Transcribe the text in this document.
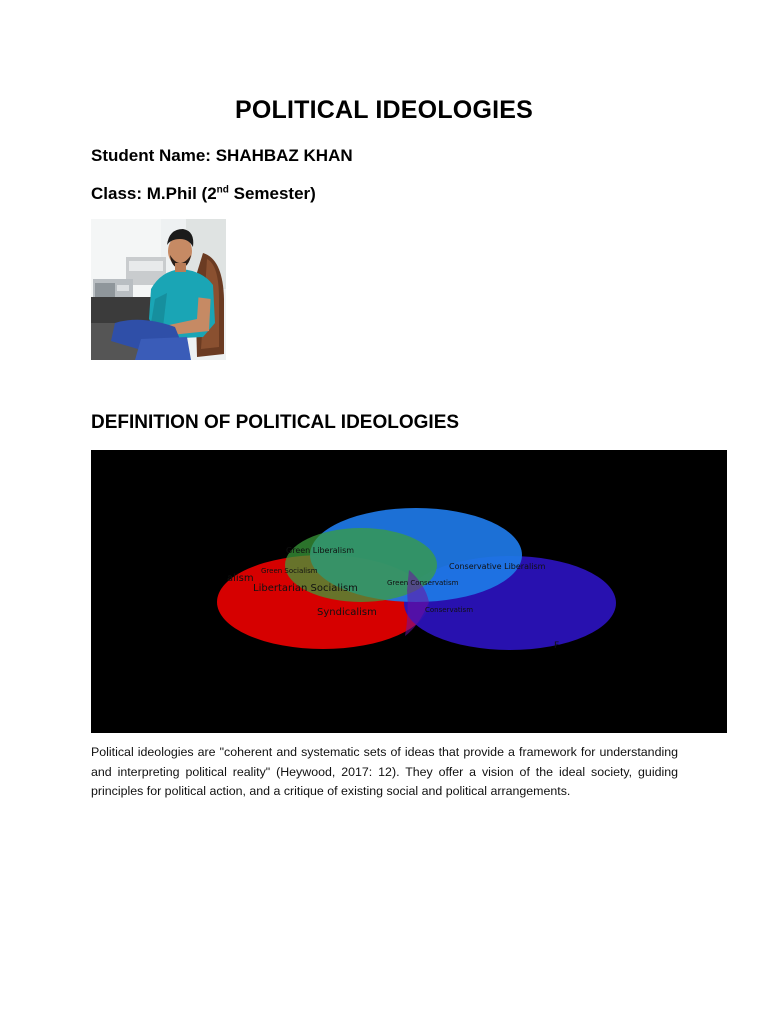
POLITICAL IDEOLOGIES
Student Name: SHAHBAZ KHAN
Class: M.Phil (2nd Semester)
DEFINITION OF POLITICAL IDEOLOGIES
Green Liberalism
Green Socialism
alism
Libertarian Socialism
Syndicalism
Green Conservatism
Conservative Liberalism
Conservatism
F
Political ideologies are "coherent and systematic sets of ideas that provide a framework for understanding and interpreting political reality" (Heywood, 2017: 12). They offer a vision of the ideal society, guiding principles for political action, and a critique of existing social and political arrangements.
